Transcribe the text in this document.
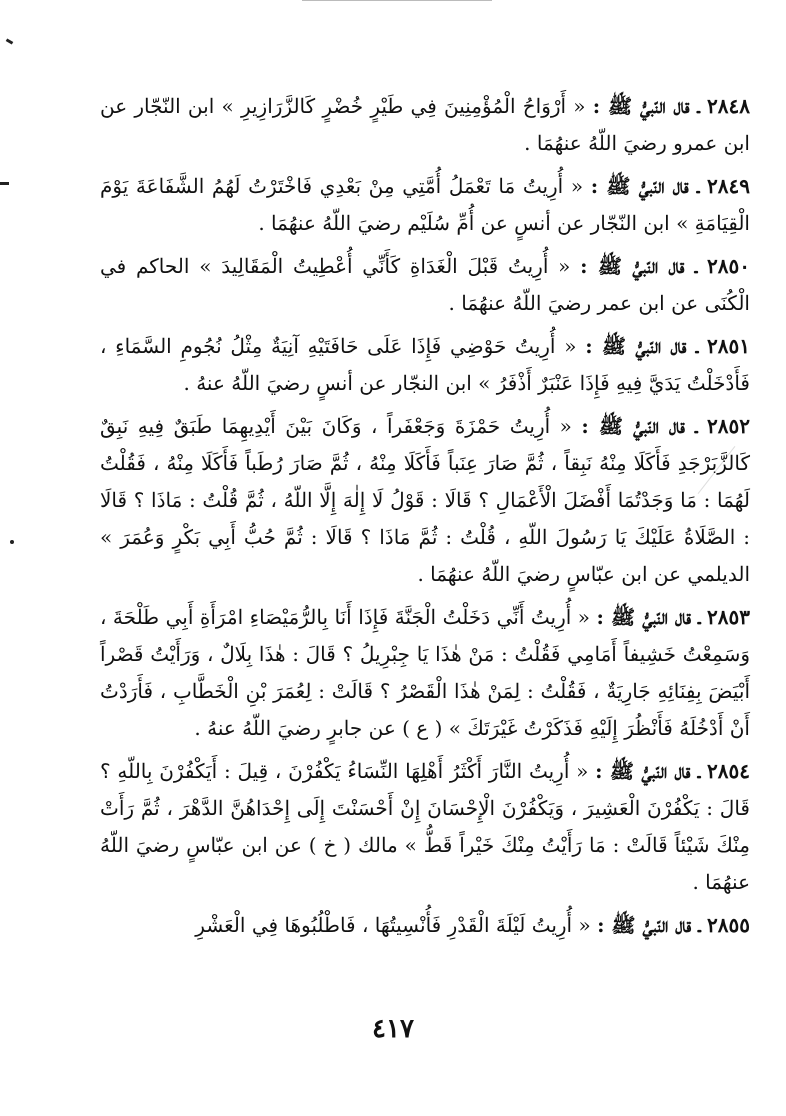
٢٨٤٨ ـ قال النّبيُّ ﷺ : « أَرْوَاحُ الْمُؤْمِنِينَ فِي طَيْرٍ خُضْرٍ كَالزَّرَازِيرِ » ابن النّجّار عن ابن عمرو رضيَ اللّهُ عنهُمَا .

٢٨٤٩ ـ قال النّبيُّ ﷺ : « أُرِيتُ مَا تَعْمَلُ أُمَّتِي مِنْ بَعْدِي فَاخْتَرْتُ لَهُمُ الشَّفَاعَةَ يَوْمَ الْقِيَامَةِ » ابن النّجّار عن أنسٍ عن أُمِّ سُلَيْم رضيَ اللّهُ عنهُمَا .

٢٨٥٠ ـ قال النّبيُّ ﷺ : « أُرِيتُ قَبْلَ الْغَدَاةِ كَأَنِّي أُعْطِيتُ الْمَقَالِيدَ » الحاكم في الْكُنَى عن ابن عمر رضيَ اللّهُ عنهُمَا .

٢٨٥١ ـ قال النّبيُّ ﷺ : « أُرِيتُ حَوْضِي فَإِذَا عَلَى حَافَتَيْهِ آنِيَةٌ مِثْلُ نُجُومِ السَّمَاءِ ، فَأَدْخَلْتُ يَدَيَّ فِيهِ فَإِذَا عَنْبَرٌ أَذْفَرُ » ابن النجّار عن أنسٍ رضيَ اللّهُ عنهُ .

٢٨٥٢ ـ قال النّبيُّ ﷺ : « أُرِيتُ حَمْزَةَ وَجَعْفَراً ، وَكَانَ بَيْنَ أَيْدِيهِمَا طَبَقٌ فِيهِ نَبِقٌ كَالزَّبَرْجَدِ فَأَكَلَا مِنْهُ نَبِقاً ، ثُمَّ صَارَ عِنَباً فَأَكَلَا مِنْهُ ، ثُمَّ صَارَ رُطَباً فَأَكَلَا مِنْهُ ، فَقُلْتُ لَهُمَا : مَا وَجَدْتُمَا أَفْضَلَ الْأَعْمَالِ ؟ قَالَا : قَوْلُ لَا إِلٰهَ إِلَّا اللّهُ ، ثُمَّ قُلْتُ : مَاذَا ؟ قَالَا : الصَّلَاةُ عَلَيْكَ يَا رَسُولَ اللّهِ ، قُلْتُ : ثُمَّ مَاذَا ؟ قَالَا : ثُمَّ حُبُّ أَبِي بَكْرٍ وَعُمَرَ » الديلمي عن ابن عبّاسٍ رضيَ اللّهُ عنهُمَا .

٢٨٥٣ ـ قال النّبيُّ ﷺ : « أُرِيتُ أَنِّي دَخَلْتُ الْجَنَّةَ فَإِذَا أَنَا بِالرُّمَيْصَاءِ امْرَأَةِ أَبِي طَلْحَةَ ، وَسَمِعْتُ خَشِيفاً أَمَامِي فَقُلْتُ : مَنْ هٰذَا يَا جِبْرِيلُ ؟ قَالَ : هٰذَا بِلَالٌ ، وَرَأَيْتُ قَصْراً أَبْيَضَ بِفِنَائِهِ جَارِيَةٌ ، فَقُلْتُ : لِمَنْ هٰذَا الْقَصْرُ ؟ قَالَتْ : لِعُمَرَ بْنِ الْخَطَّابِ ، فَأَرَدْتُ أَنْ أَدْخُلَهُ فَأَنْظُرَ إِلَيْهِ فَذَكَرْتُ غَيْرَتَكَ » ( ع ) عن جابرٍ رضيَ اللّهُ عنهُ .

٢٨٥٤ ـ قال النّبيُّ ﷺ : « أُرِيتُ النَّارَ أَكْثَرُ أَهْلِهَا النِّسَاءُ يَكْفُرْنَ ، قِيلَ : أَيَكْفُرْنَ بِاللّهِ ؟ قَالَ : يَكْفُرْنَ الْعَشِيرَ ، وَيَكْفُرْنَ الْإِحْسَانَ إِنْ أَحْسَنْتَ إِلَى إِحْدَاهُنَّ الدَّهْرَ ، ثُمَّ رَأَتْ مِنْكَ شَيْئاً قَالَتْ : مَا رَأَيْتُ مِنْكَ خَيْراً قَطُّ » مالك ( خ ) عن ابن عبّاسٍ رضيَ اللّهُ عنهُمَا .

٢٨٥٥ ـ قال النّبيُّ ﷺ : « أُرِيتُ لَيْلَةَ الْقَدْرِ فَأُنْسِيتُهَا ، فَاطْلُبُوهَا فِي الْعَشْرِ

٤١٧
